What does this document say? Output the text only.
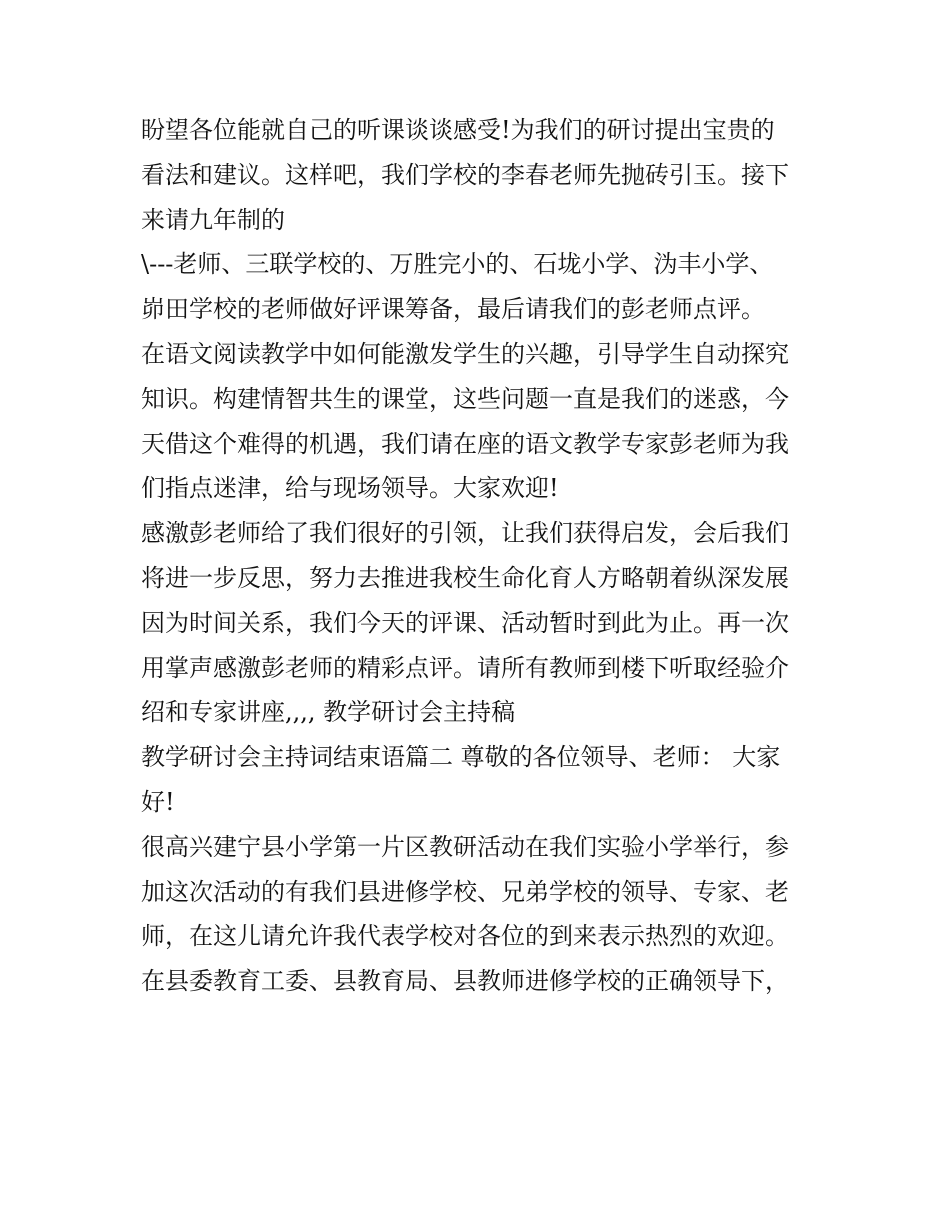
盼望各位能就自己的听课谈谈感受!为我们的研讨提出宝贵的
看法和建议。这样吧，我们学校的李春老师先抛砖引玉。接下
来请九年制的
\---老师、三联学校的、万胜完小的、石垅小学、沩丰小学、
峁田学校的老师做好评课筹备，最后请我们的彭老师点评。
在语文阅读教学中如何能激发学生的兴趣，引导学生自动探究
知识。构建情智共生的课堂，这些问题一直是我们的迷惑，今
天借这个难得的机遇，我们请在座的语文教学专家彭老师为我
们指点迷津，给与现场领导。大家欢迎!
感激彭老师给了我们很好的引领，让我们获得启发，会后我们
将进一步反思，努力去推进我校生命化育人方略朝着纵深发展
因为时间关系，我们今天的评课、活动暂时到此为止。再一次
用掌声感激彭老师的精彩点评。请所有教师到楼下听取经验介
绍和专家讲座,,,, 教学研讨会主持稿
教学研讨会主持词结束语篇二 尊敬的各位领导、老师： 大家
好!
很高兴建宁县小学第一片区教研活动在我们实验小学举行，参
加这次活动的有我们县进修学校、兄弟学校的领导、专家、老
师，在这儿请允许我代表学校对各位的到来表示热烈的欢迎。
在县委教育工委、县教育局、县教师进修学校的正确领导下，
